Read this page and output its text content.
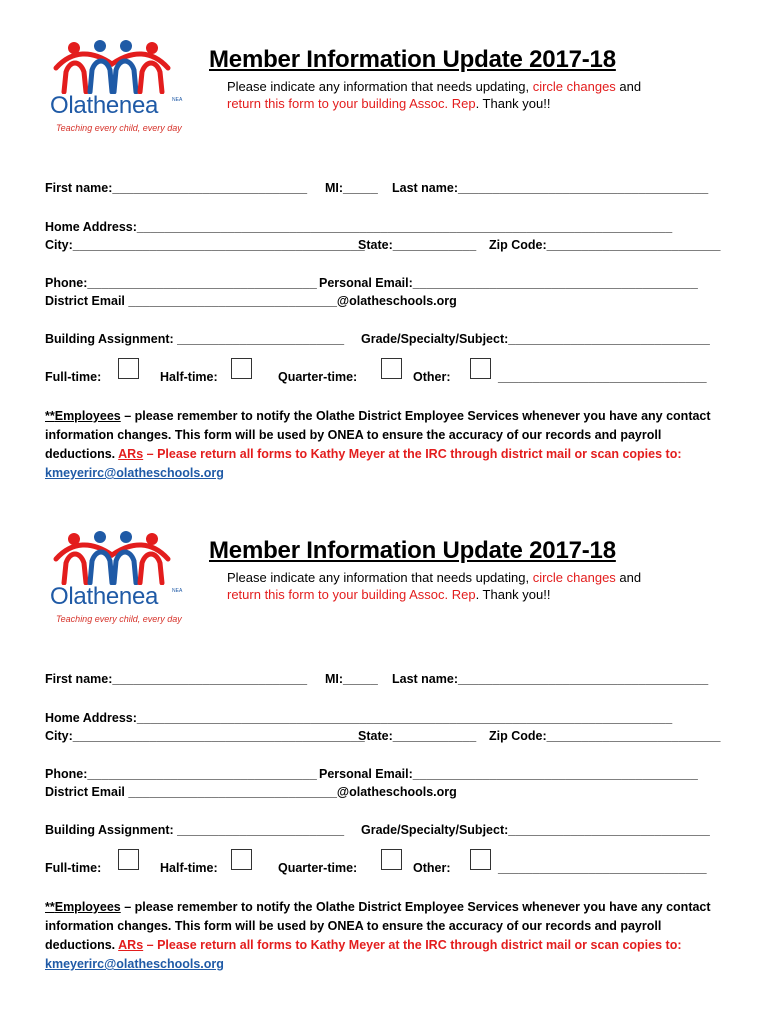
Olathenea	NEA
Teaching every child, every day
Member Information Update 2017-18
Please indicate any information that needs updating, circle changes and
return this form to your building Assoc. Rep. Thank you!!
First name:____________________________ MI:_____ Last name:____________________________________
Home Address:_____________________________________________________________________________
City:__________________________________________
State:____________ Zip Code:_________________________
Phone:_________________________________ Personal Email:_________________________________________
District Email ______________________________@olatheschools.org
Building Assignment: ________________________ Grade/Specialty/Subject:_____________________________
Full-time:	Half-time:	Quarter-time:	Other:	______________________________
**Employees – please remember to notify the Olathe District Employee Services whenever you have any contact information changes. This form will be used by ONEA to ensure the accuracy of our records and payroll deductions. ARs – Please return all forms to Kathy Meyer at the IRC through district mail or scan copies to: kmeyerirc@olatheschools.org
Olathenea	NEA
Teaching every child, every day
Member Information Update 2017-18
Please indicate any information that needs updating, circle changes and
return this form to your building Assoc. Rep. Thank you!!
First name:____________________________ MI:_____ Last name:____________________________________
Home Address:_____________________________________________________________________________
City:__________________________________________
State:____________ Zip Code:_________________________
Phone:_________________________________ Personal Email:_________________________________________
District Email ______________________________@olatheschools.org
Building Assignment: ________________________ Grade/Specialty/Subject:_____________________________
Full-time:	Half-time:	Quarter-time:	Other:	______________________________
**Employees – please remember to notify the Olathe District Employee Services whenever you have any contact information changes. This form will be used by ONEA to ensure the accuracy of our records and payroll deductions. ARs – Please return all forms to Kathy Meyer at the IRC through district mail or scan copies to: kmeyerirc@olatheschools.org
